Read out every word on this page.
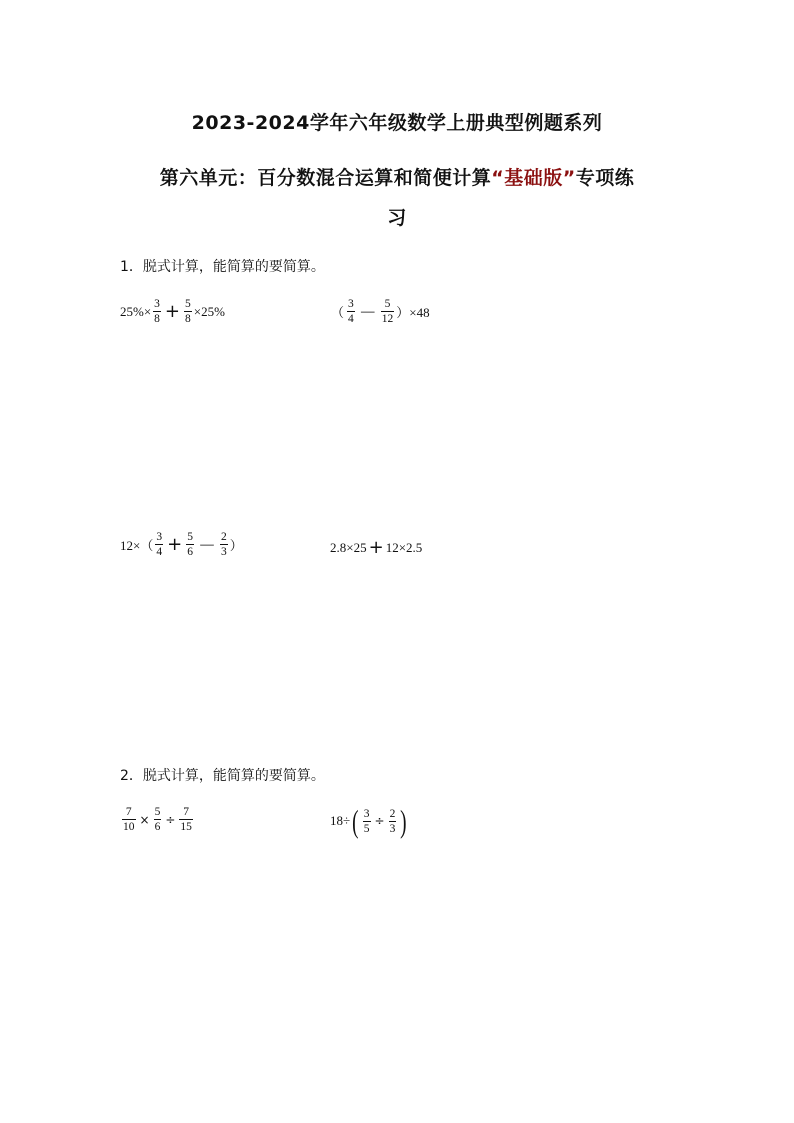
2023-2024学年六年级数学上册典型例题系列
第六单元：百分数混合运算和简便计算“基础版”专项练
习
1．脱式计算，能简算的要简算。
$25\%\times \frac{3}{8} + \frac{5}{8} \times 25\%$	（ $\frac{3}{4} - \frac{5}{12} )\times 48$
$12\times( \frac{3}{4} + \frac{5}{6} - \frac{2}{3}$ ）	2.8×25 + 12×2.5
2．脱式计算，能简算的要简算。
$\frac{7}{10} \times \frac{5}{6} \div \frac{7}{15}$	18÷ ( $\frac{3}{5} \div \frac{2}{3}$ )
